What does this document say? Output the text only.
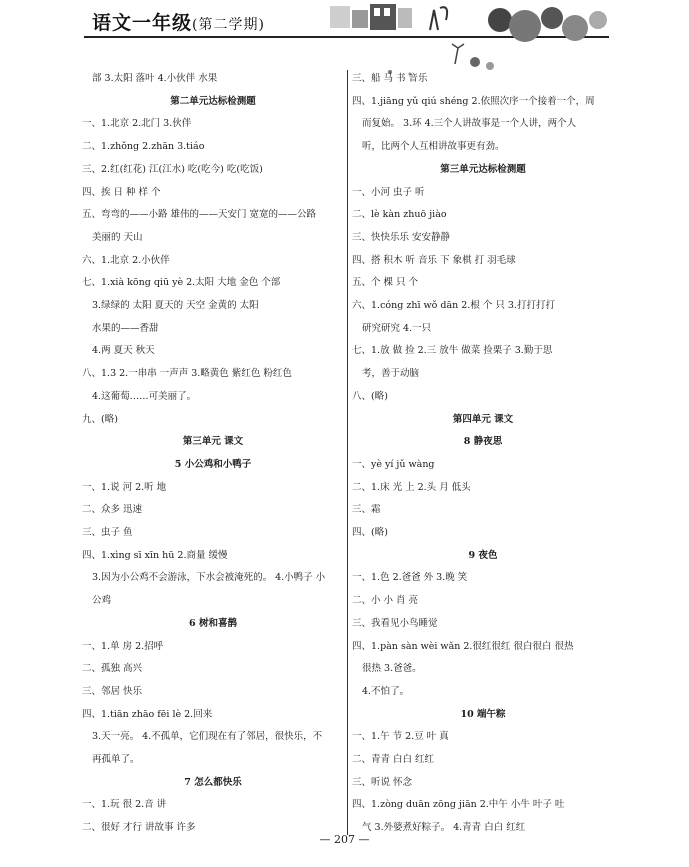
语文一年级(第二学期)
部 3.太阳 落叶 4.小伙伴 水果
第二单元达标检测题
一、1.北京 2.北门 3.伙伴
二、1.zhǒng 2.zhān 3.tiáo
三、2.红(红花) 江(江水) 吃(吃今) 吃(吃饭)
四、挨 日 种 样 个
五、弯弯的——小路 雄伟的——天安门 宽宽的——公路
美丽的 天山
六、1.北京 2.小伙伴
七、1.xià kōng qiū yè 2.太阳 大地 金色 个部
3.绿绿的 太阳 夏天的 天空 金黄的 太阳
水果的——香甜
4.两 夏天 秋天
八、1.3 2.一串串 一声声 3.略黄色 紫红色 粉红色
4.这葡萄……可美丽了。
九、(略)
第三单元 课文
5 小公鸡和小鸭子
一、1.说 河 2.听 地
二、众多 迅速
三、虫子 鱼
四、1.xìng sī xīn hū 2.商量 缓慢
3.因为小公鸡不会游泳，下水会被淹死的。 4.小鸭子 小
公鸡
6 树和喜鹊
一、1.单 房 2.招呼
二、孤独 高兴
三、邻居 快乐
四、1.tiān zhāo fēi lè 2.回来
3.天一亮。 4.不孤单，它们现在有了邻居，很快乐，不
再孤单了。
7 怎么都快乐
一、1.玩 很 2.音 讲
二、很好 才行 讲故事 许多
三、船 马 书 音乐
四、1.jiāng yǔ qiú shéng 2.依照次序一个接着一个，周
而复始。 3.环 4.三个人讲故事是一个人讲，两个人
听，比两个人互相讲故事更有劲。
第三单元达标检测题
一、小河 虫子 听
二、lè kàn zhuō jiào
三、快快乐乐 安安静静
四、搭 积木 听 音乐 下 象棋 打 羽毛球
五、个 棵 只 个
六、1.cóng zhī wǒ dān 2.根 个 只 3.打打打打
研究研究 4.一只
七、1.放 做 捡 2.三 放牛 做菜 捡栗子 3.勤于思
考，善于动脑
八、(略)
第四单元 课文
8 静夜思
一、yè yí jǔ wàng
二、1.床 光 上 2.头 月 低头
三、霜
四、(略)
9 夜色
一、1.色 2.爸爸 外 3.晚 笑
二、小 小 肖 亮
三、我看见小鸟睡觉
四、1.pàn sàn wèi wǎn 2.很红很红 很白很白 很热
很热 3.爸爸。
4.不怕了。
10 端午粽
一、1.午 节 2.豆 叶 真
二、青青 白白 红红
三、听说 怀念
四、1.zòng duān zōng jiān 2.中午 小牛 叶子 吐
气 3.外婆煮好粽子。 4.青青 白白 红红
— 207 —
